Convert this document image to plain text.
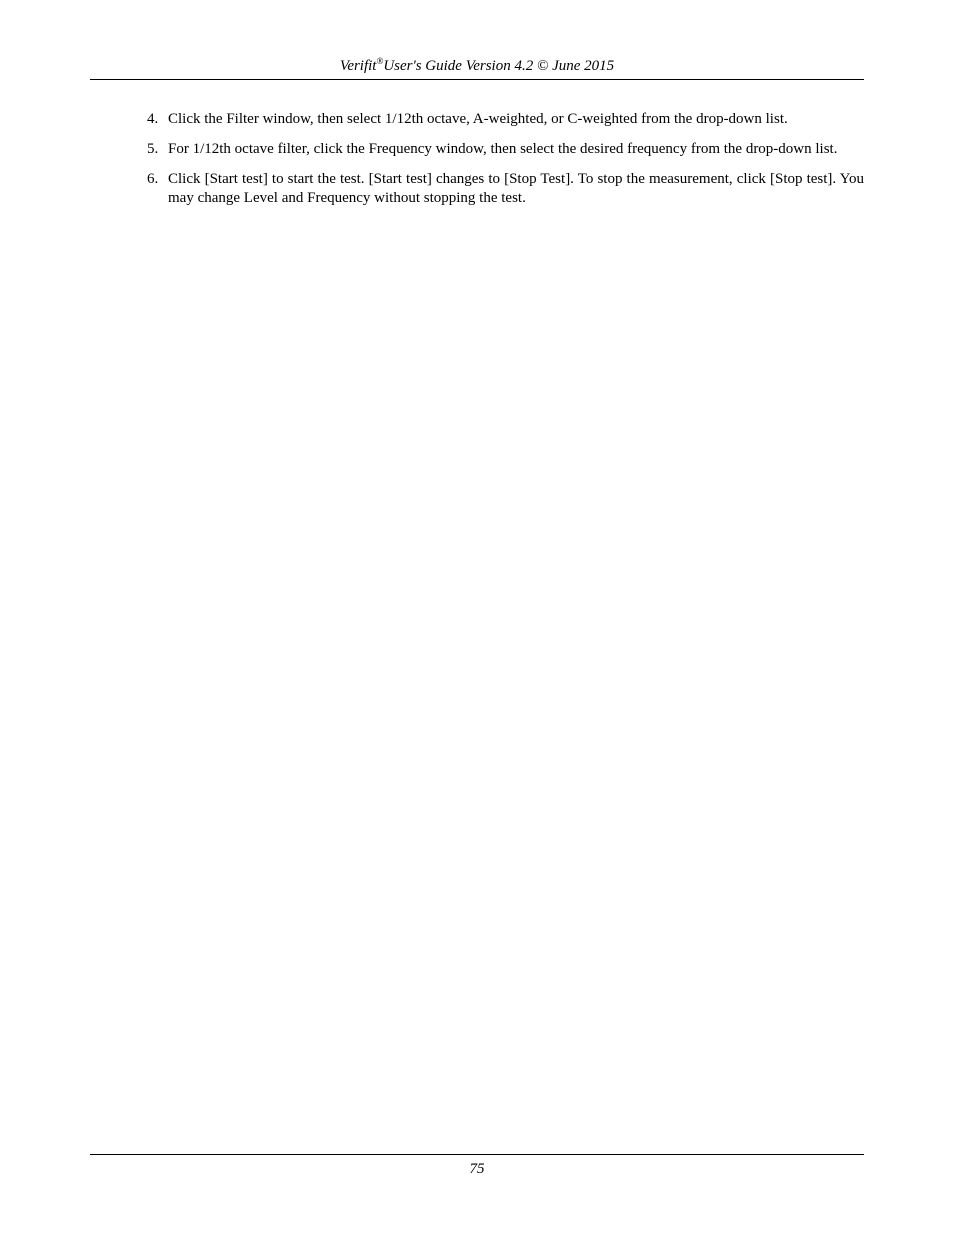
Verifit®User's Guide Version 4.2 © June 2015
4. Click the Filter window, then select 1/12th octave, A-weighted, or C-weighted from the drop-down list.
5. For 1/12th octave filter, click the Frequency window, then select the desired frequency from the drop-down list.
6. Click [Start test] to start the test. [Start test] changes to [Stop Test]. To stop the measurement, click [Stop test]. You may change Level and Frequency without stopping the test.
75
